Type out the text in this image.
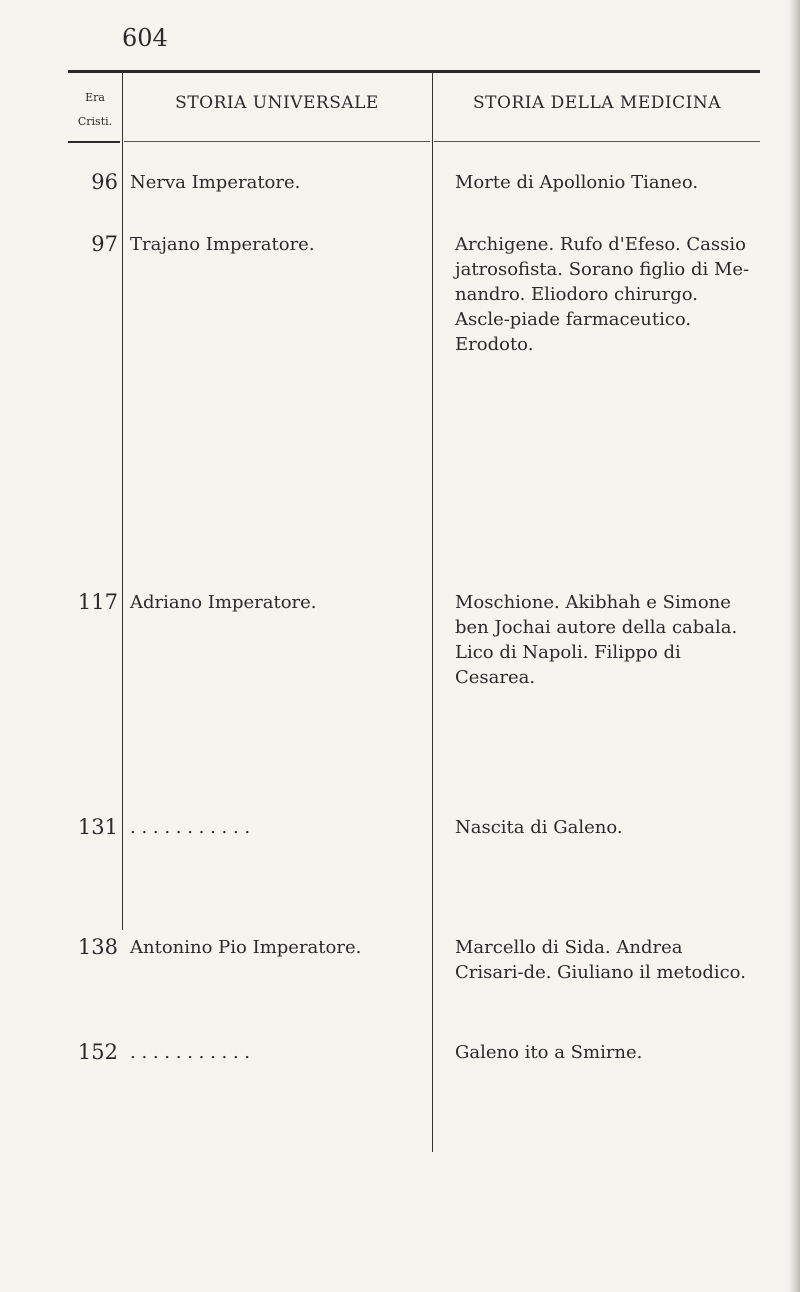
604
Era
Cristi.
STORIA UNIVERSALE	STORIA DELLA MEDICINA
96 Nerva Imperatore.	Morte di Apollonio Tianeo.
97 Trajano Imperatore.	Archigene. Rufo d'Efeso. Cassio jatrosofista. Sorano figlio di Me-nandro. Eliodoro chirurgo. Ascle-piade farmaceutico. Erodoto.
117 Adriano Imperatore.	Moschione. Akibhah e Simone ben Jochai autore della cabala. Lico di Napoli. Filippo di Cesarea.
131 . . . . . . . . . . .	Nascita di Galeno.
138 Antonino Pio Imperatore.	Marcello di Sida. Andrea Crisari-de. Giuliano il metodico.
152 . . . . . . . . . . .	Galeno ito a Smirne.
